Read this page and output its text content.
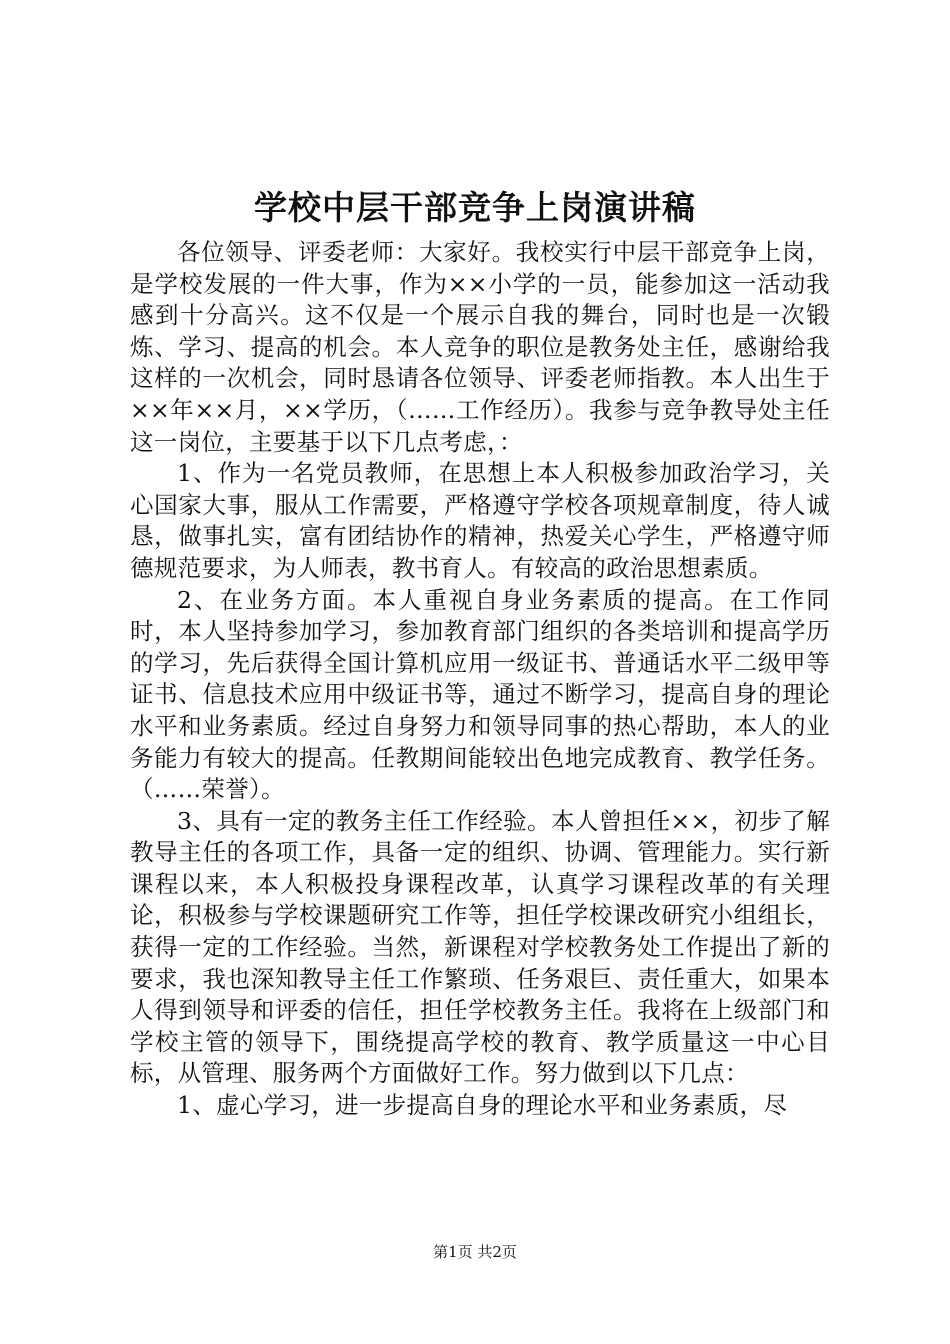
学校中层干部竞争上岗演讲稿

各位领导、评委老师：大家好。我校实行中层干部竞争上岗，是学校发展的一件大事，作为××小学的一员，能参加这一活动我感到十分高兴。这不仅是一个展示自我的舞台，同时也是一次锻炼、学习、提高的机会。本人竞争的职位是教务处主任，感谢给我这样的一次机会，同时恳请各位领导、评委老师指教。本人出生于××年××月，××学历，（……工作经历）。我参与竞争教导处主任这一岗位，主要基于以下几点考虑，：

1、作为一名党员教师，在思想上本人积极参加政治学习，关心国家大事，服从工作需要，严格遵守学校各项规章制度，待人诚恳，做事扎实，富有团结协作的精神，热爱关心学生，严格遵守师德规范要求，为人师表，教书育人。有较高的政治思想素质。

2、在业务方面。本人重视自身业务素质的提高。在工作同时，本人坚持参加学习，参加教育部门组织的各类培训和提高学历的学习，先后获得全国计算机应用一级证书、普通话水平二级甲等证书、信息技术应用中级证书等，通过不断学习，提高自身的理论水平和业务素质。经过自身努力和领导同事的热心帮助，本人的业务能力有较大的提高。任教期间能较出色地完成教育、教学任务。（……荣誉）。

3、具有一定的教务主任工作经验。本人曾担任××，初步了解教导主任的各项工作，具备一定的组织、协调、管理能力。实行新课程以来，本人积极投身课程改革，认真学习课程改革的有关理论，积极参与学校课题研究工作等，担任学校课改研究小组组长，获得一定的工作经验。当然，新课程对学校教务处工作提出了新的要求，我也深知教导主任工作繁琐、任务艰巨、责任重大，如果本人得到领导和评委的信任，担任学校教务主任。我将在上级部门和学校主管的领导下，围绕提高学校的教育、教学质量这一中心目标，从管理、服务两个方面做好工作。努力做到以下几点：

1、虚心学习，进一步提高自身的理论水平和业务素质，尽

第1页 共2页
